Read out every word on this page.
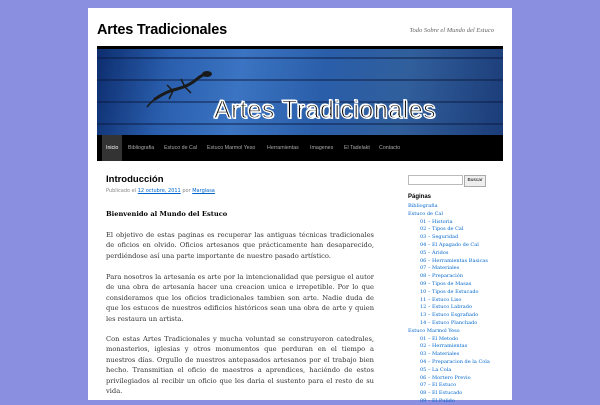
Artes Tradicionales	Todo Sobre el Mundo del Estuco
Artes Tradicionales
Inicio	Bibliografia Estuco de Cal Estuco Marmol Yeso Herramientas Imagenes El Tadelakt Contacto
Introducción
Publicado el 12 octubre, 2011 por Margiasa
Bienvenido al Mundo del Estuco
El objetivo de estas paginas es recuperar las antiguas técnicas tradicionales de oficios en olvido. Oficios artesanos que prácticamente han desaparecido, perdiéndose así una parte importante de nuestro pasado artístico.
Para nosotros la artesanía es arte por la intencionalidad que persigue el autor de una obra de artesanía hacer una creacion unica e irrepetible. Por lo que consideramos que los oficios tradicionales tambien son arte. Nadie duda de que los estucos de nuestros edificios históricos sean una obra de arte y quien les restaura un artista.
Con estas Artes Tradicionales y mucha voluntad se construyeron catedrales, monasterios, iglesias y otros monumentos que perduran en el tiempo a nuestros días. Orgullo de nuestros antepasados artesanos por el trabajo bien hecho. Transmitian el oficio de maestros a aprendices, haciéndo de estos privilegiados al recibir un oficio que les daria el sustento para el resto de su vida.
Buscar
Páginas
Bibliografia
Estuco de Cal
01 – Historia
02 – Tipos de Cal
03 – Seguridad
04 – El Apagado de Cal
05 – Áridos
06 – Herramientas Basicas
07 – Materiales
08 – Preparación
09 – Tipos de Masas
10 – Tipos de Estucado
11 – Estuco Liso
12 – Estuco Labrado
13 – Estuco Esgrafiado
14 – Estuco Planchado
Estuco Marmol Yeso
01 – El Metodo
02 – Herramientas
03 – Materiales
04 – Preparacion de la Cola
05 – La Cola
06 – Mortero Previo
07 – El Estuco
08 – El Estucado
09 – El Pulido
